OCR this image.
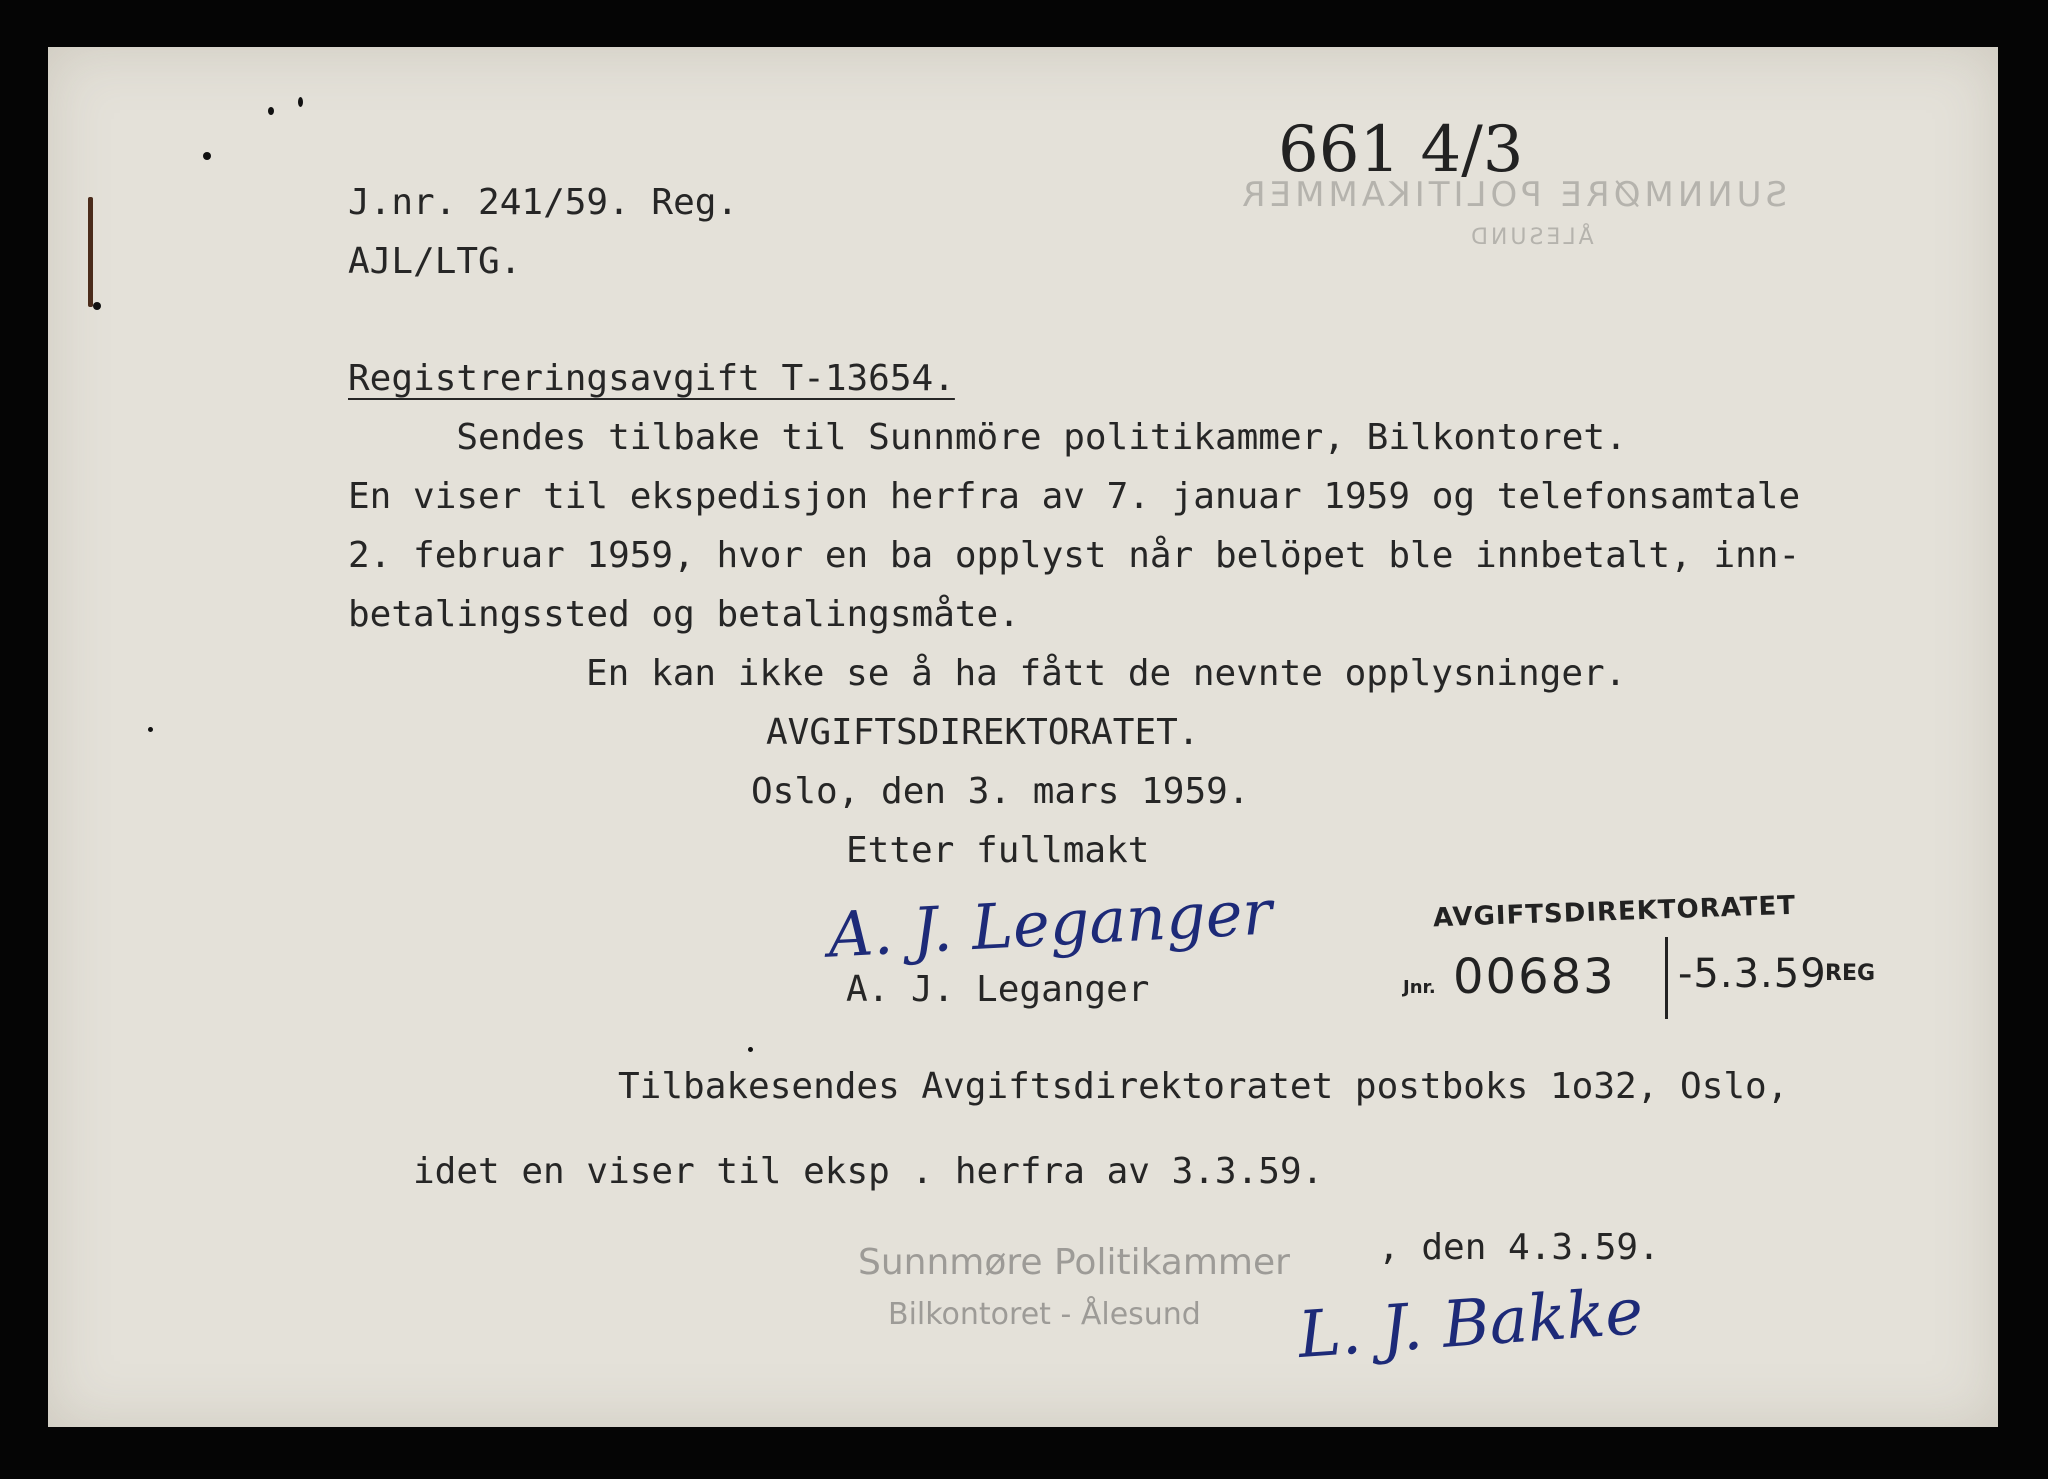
SUNNMØRE POLITIKAMMER
ÅLESUND
661 4/3
J.nr. 241/59. Reg.
AJL/LTG.
Registreringsavgift T-13654.
Sendes tilbake til Sunnmöre politikammer, Bilkontoret.
En viser til ekspedisjon herfra av 7. januar 1959 og telefonsamtale
2. februar 1959, hvor en ba opplyst når belöpet ble innbetalt, inn-
betalingssted og betalingsmåte.
En kan ikke se å ha fått de nevnte opplysninger.
AVGIFTSDIREKTORATET.
Oslo, den 3. mars 1959.
Etter fullmakt
A. J. Leganger
A. J. Leganger
AVGIFTSDIREKTORATET
Jnr. 00683 -5.3.59
REG
Tilbakesendes Avgiftsdirektoratet postboks 1o32, Oslo,
idet en viser til eksp . herfra av 3.3.59.
, den 4.3.59.
Sunnmøre Politikammer
Bilkontoret - Ålesund L. J. Bakke
